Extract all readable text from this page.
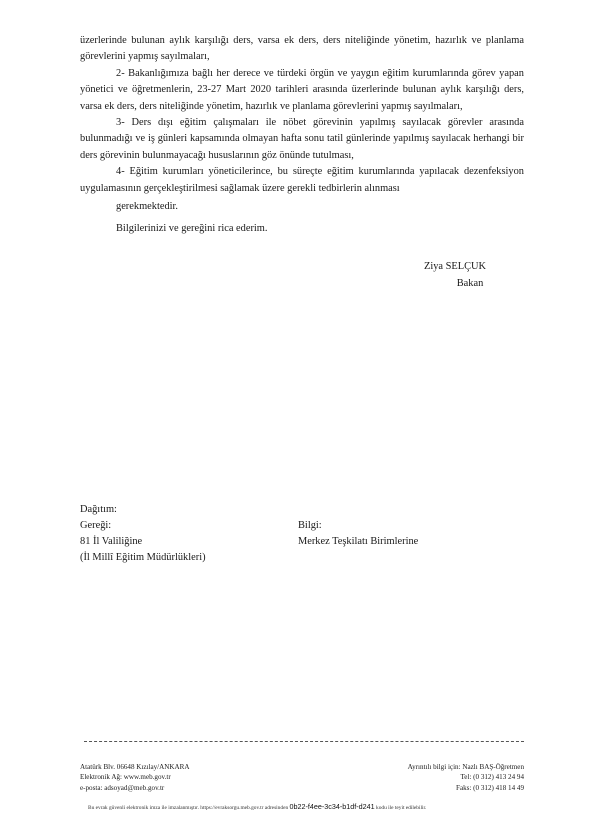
üzerlerinde bulunan aylık karşılığı ders, varsa ek ders, ders niteliğinde yönetim, hazırlık ve planlama görevlerini yapmış sayılmaları,

2- Bakanlığımıza bağlı her derece ve türdeki örgün ve yaygın eğitim kurumlarında görev yapan yönetici ve öğretmenlerin, 23-27 Mart 2020 tarihleri arasında üzerlerinde bulunan aylık karşılığı ders, varsa ek ders, ders niteliğinde yönetim, hazırlık ve planlama görevlerini yapmış sayılmaları,

3- Ders dışı eğitim çalışmaları ile nöbet görevinin yapılmış sayılacak görevler arasında bulunmadığı ve iş günleri kapsamında olmayan hafta sonu tatil günlerinde yapılmış sayılacak herhangi bir ders görevinin bulunmayacağı hususlarının göz önünde tutulması,

4- Eğitim kurumları yöneticilerince, bu süreçte eğitim kurumlarında yapılacak dezenfeksiyon uygulamasının gerçekleştirilmesi sağlamak üzere gerekli tedbirlerin alınması

gerekmektedir.

Bilgilerinizi ve gereğini rica ederim.

Ziya SELÇUK
Bakan
Dağıtım:
Gereği:	Bilgi:
81 İl Valiliğine	Merkez Teşkilatı Birimlerine
(İl Millî Eğitim Müdürlükleri)
Atatürk Blv. 06648 Kızılay/ANKARA
Elektronik Ağ: www.meb.gov.tr
e-posta: adsoyad@meb.gov.tr
Ayrıntılı bilgi için: Nazlı BAŞ-Öğretmen
Tel: (0 312) 413 24 94
Faks: (0 312) 418 14 49
Bu evrak güvenli elektronik imza ile imzalanmıştır. https://evraksorgu.meb.gov.tr adresinden 0b22-f4ee-3c34-b1df-d241 kodu ile teyit edilebilir.
